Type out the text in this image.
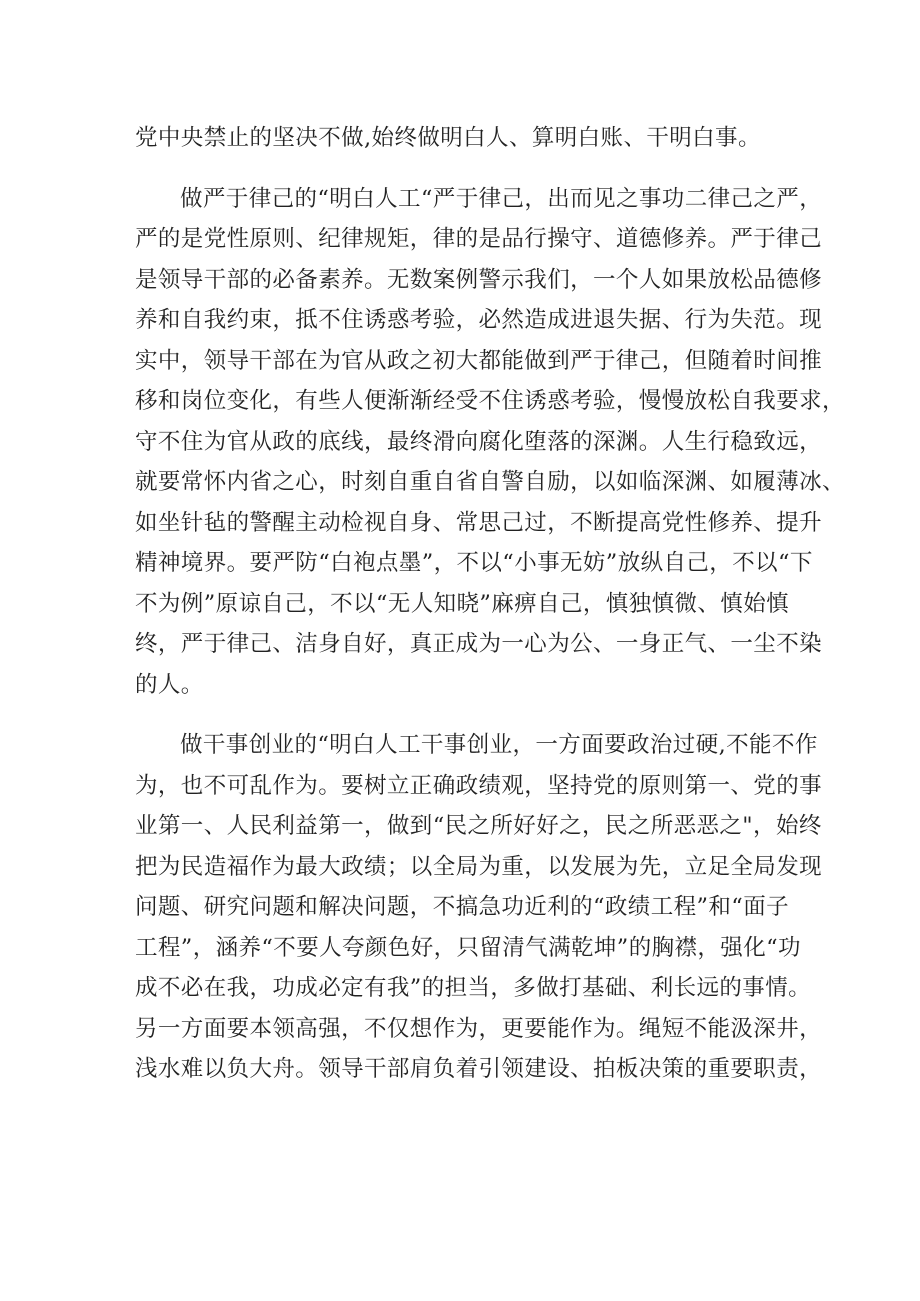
党中央禁止的坚决不做,始终做明白人、算明白账、干明白事。
做严于律己的“明白人工“严于律己，出而见之事功二律己之严，
严的是党性原则、纪律规矩，律的是品行操守、道德修养。严于律己
是领导干部的必备素养。无数案例警示我们，一个人如果放松品德修
养和自我约束，抵不住诱惑考验，必然造成进退失据、行为失范。现
实中，领导干部在为官从政之初大都能做到严于律己，但随着时间推
移和岗位变化，有些人便渐渐经受不住诱惑考验，慢慢放松自我要求，
守不住为官从政的底线，最终滑向腐化堕落的深渊。人生行稳致远，
就要常怀内省之心，时刻自重自省自警自励，以如临深渊、如履薄冰、
如坐针毡的警醒主动检视自身、常思己过，不断提高党性修养、提升
精神境界。要严防“白袍点墨”，不以“小事无妨”放纵自己，不以“下
不为例”原谅自己，不以“无人知晓”麻痹自己，慎独慎微、慎始慎
终，严于律己、洁身自好，真正成为一心为公、一身正气、一尘不染
的人。
做干事创业的“明白人工干事创业，一方面要政治过硬,不能不作
为，也不可乱作为。要树立正确政绩观，坚持党的原则第一、党的事
业第一、人民利益第一，做到“民之所好好之，民之所恶恶之"，始终
把为民造福作为最大政绩；以全局为重，以发展为先，立足全局发现
问题、研究问题和解决问题，不搞急功近利的“政绩工程”和“面子
工程”，涵养“不要人夸颜色好，只留清气满乾坤”的胸襟，强化“功
成不必在我，功成必定有我”的担当，多做打基础、利长远的事情。
另一方面要本领高强，不仅想作为，更要能作为。绳短不能汲深井，
浅水难以负大舟。领导干部肩负着引领建设、拍板决策的重要职责，
